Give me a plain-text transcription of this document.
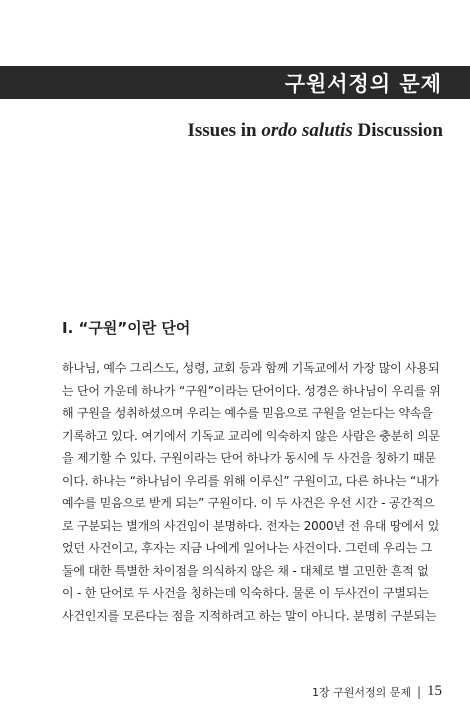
구원서정의 문제
Issues in ordo salutis Discussion
I. “구원”이란 단어
하나님, 예수 그리스도, 성령, 교회 등과 함께 기독교에서 가장 많이 사용되
는 단어 가운데 하나가 “구원”이라는 단어이다. 성경은 하나님이 우리를 위
해 구원을 성취하셨으며 우리는 예수를 믿음으로 구원을 얻는다는 약속을
기록하고 있다. 여기에서 기독교 교리에 익숙하지 않은 사람은 충분히 의문
을 제기할 수 있다. 구원이라는 단어 하나가 동시에 두 사건을 칭하기 때문
이다. 하나는 “하나님이 우리를 위해 이루신” 구원이고, 다른 하나는 “내가
예수를 믿음으로 받게 되는” 구원이다. 이 두 사건은 우선 시간 - 공간적으
로 구분되는 별개의 사건임이 분명하다. 전자는 2000년 전 유대 땅에서 있
었던 사건이고, 후자는 지금 나에게 일어나는 사건이다. 그런데 우리는 그
둘에 대한 특별한 차이점을 의식하지 않은 채 - 대체로 별 고민한 흔적 없
이 - 한 단어로 두 사건을 칭하는데 익숙하다. 물론 이 두사건이 구별되는
사건인지를 모른다는 점을 지적하려고 하는 말이 아니다. 분명히 구분되는
1장 구원서정의 문제 | 15
